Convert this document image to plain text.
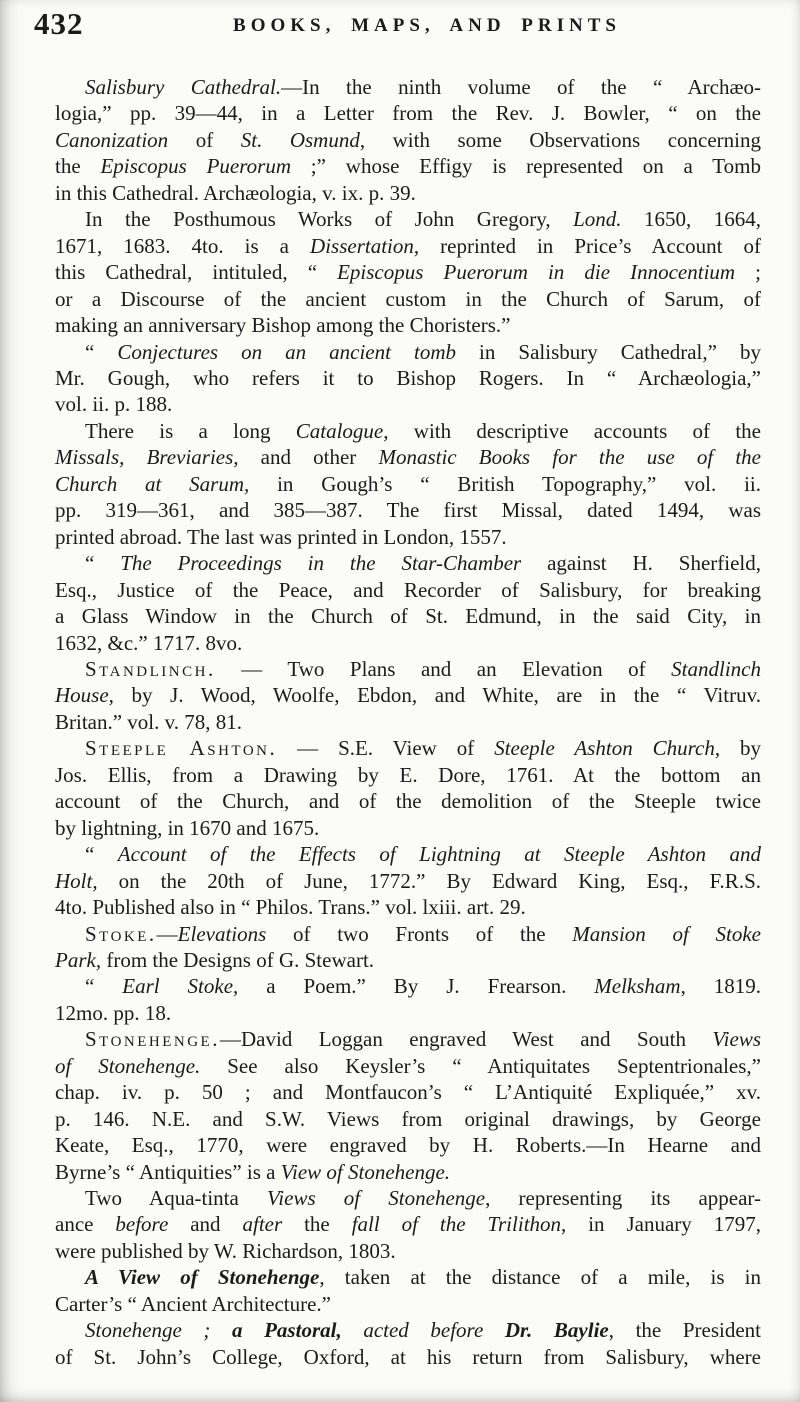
432	BOOKS, MAPS, AND PRINTS
Salisbury Cathedral.—In the ninth volume of the “ Archæo-
logia,” pp. 39—44, in a Letter from the Rev. J. Bowler, “ on the
Canonization of St. Osmund, with some Observations concerning
the Episcopus Puerorum ;” whose Effigy is represented on a Tomb
in this Cathedral. Archæologia, v. ix. p. 39.
In the Posthumous Works of John Gregory, Lond. 1650, 1664,
1671, 1683. 4to. is a Dissertation, reprinted in Price’s Account of
this Cathedral, intituled, “ Episcopus Puerorum in die Innocentium ;
or a Discourse of the ancient custom in the Church of Sarum, of
making an anniversary Bishop among the Choristers.”
“ Conjectures on an ancient tomb in Salisbury Cathedral,” by
Mr. Gough, who refers it to Bishop Rogers. In “ Archæologia,”
vol. ii. p. 188.
There is a long Catalogue, with descriptive accounts of the
Missals, Breviaries, and other Monastic Books for the use of the
Church at Sarum, in Gough’s “ British Topography,” vol. ii.
pp. 319—361, and 385—387. The first Missal, dated 1494, was
printed abroad. The last was printed in London, 1557.
“ The Proceedings in the Star-Chamber against H. Sherfield,
Esq., Justice of the Peace, and Recorder of Salisbury, for breaking
a Glass Window in the Church of St. Edmund, in the said City, in
1632, &c.” 1717. 8vo.
Standlinch. — Two Plans and an Elevation of Standlinch
House, by J. Wood, Woolfe, Ebdon, and White, are in the “ Vitruv.
Britan.” vol. v. 78, 81.
Steeple Ashton. — S.E. View of Steeple Ashton Church, by
Jos. Ellis, from a Drawing by E. Dore, 1761. At the bottom an
account of the Church, and of the demolition of the Steeple twice
by lightning, in 1670 and 1675.
“ Account of the Effects of Lightning at Steeple Ashton and
Holt, on the 20th of June, 1772.” By Edward King, Esq., F.R.S.
4to. Published also in “ Philos. Trans.” vol. lxiii. art. 29.
Stoke.—Elevations of two Fronts of the Mansion of Stoke
Park, from the Designs of G. Stewart.
“ Earl Stoke, a Poem.” By J. Frearson. Melksham, 1819.
12mo. pp. 18.
Stonehenge.—David Loggan engraved West and South Views
of Stonehenge. See also Keysler’s “ Antiquitates Septentrionales,”
chap. iv. p. 50 ; and Montfaucon’s “ L’Antiquité Expliquée,” xv.
p. 146. N.E. and S.W. Views from original drawings, by George
Keate, Esq., 1770, were engraved by H. Roberts.—In Hearne and
Byrne’s “ Antiquities” is a View of Stonehenge.
Two Aqua-tinta Views of Stonehenge, representing its appear-
ance before and after the fall of the Trilithon, in January 1797,
were published by W. Richardson, 1803.
A View of Stonehenge, taken at the distance of a mile, is in
Carter’s “ Ancient Architecture.”
Stonehenge ; a Pastoral, acted before Dr. Baylie, the President
of St. John’s College, Oxford, at his return from Salisbury, where
